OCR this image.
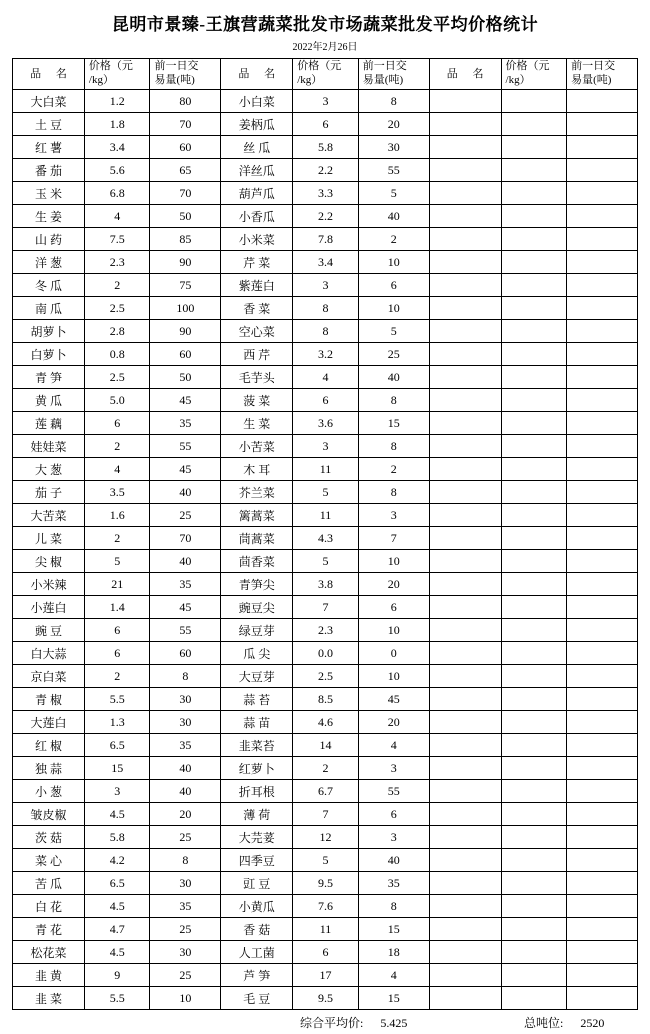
昆明市景臻-王旗营蔬菜批发市场蔬菜批发平均价格统计
2022年2月26日
品 名	价格（元
/kg）	前一日交
易量(吨)	品 名	价格（元
/kg）	前一日交
易量(吨)	品 名	价格（元
/kg）	前一日交
易量(吨)

大白菜	1.2	80	小白菜	3	8			
土 豆	1.8	70	姜柄瓜	6	20			
红 薯	3.4	60	丝 瓜	5.8	30			
番 茄	5.6	65	洋丝瓜	2.2	55			
玉 米	6.8	70	葫芦瓜	3.3	5			
生 姜	4	50	小香瓜	2.2	40			
山 药	7.5	85	小米菜	7.8	2			
洋 葱	2.3	90	芹 菜	3.4	10			
冬 瓜	2	75	紫莲白	3	6			
南 瓜	2.5	100	香 菜	8	10			
胡萝卜	2.8	90	空心菜	8	5			
白萝卜	0.8	60	西 芹	3.2	25			
青 笋	2.5	50	毛芋头	4	40			
黄 瓜	5.0	45	菠 菜	6	8			
莲 藕	6	35	生 菜	3.6	15			
娃娃菜	2	55	小苦菜	3	8			
大 葱	4	45	木 耳	11	2			
茄 子	3.5	40	芥兰菜	5	8			
大苦菜	1.6	25	篱蒿菜	11	3			
儿 菜	2	70	茼蒿菜	4.3	7			
尖 椒	5	40	茴香菜	5	10			
小米辣	21	35	青笋尖	3.8	20			
小莲白	1.4	45	豌豆尖	7	6			
豌 豆	6	55	绿豆芽	2.3	10			
白大蒜	6	60	瓜 尖	0.0	0			
京白菜	2	8	大豆芽	2.5	10			
青 椒	5.5	30	蒜 苔	8.5	45			
大莲白	1.3	30	蒜 苗	4.6	20			
红 椒	6.5	35	韭菜苔	14	4			
独 蒜	15	40	红萝卜	2	3			
小 葱	3	40	折耳根	6.7	55			
皱皮椒	4.5	20	薄 荷	7	6			
茨 菇	5.8	25	大芫荽	12	3			
菜 心	4.2	8	四季豆	5	40			
苦 瓜	6.5	30	豇 豆	9.5	35			
白 花	4.5	35	小黄瓜	7.6	8			
青 花	4.7	25	香 菇	11	15			
松花菜	4.5	30	人工菌	6	18			
韭 黄	9	25	芦 笋	17	4			
韭 菜	5.5	10	毛 豆	9.5	15			
综合平均价: 5.425	总吨位: 2520
